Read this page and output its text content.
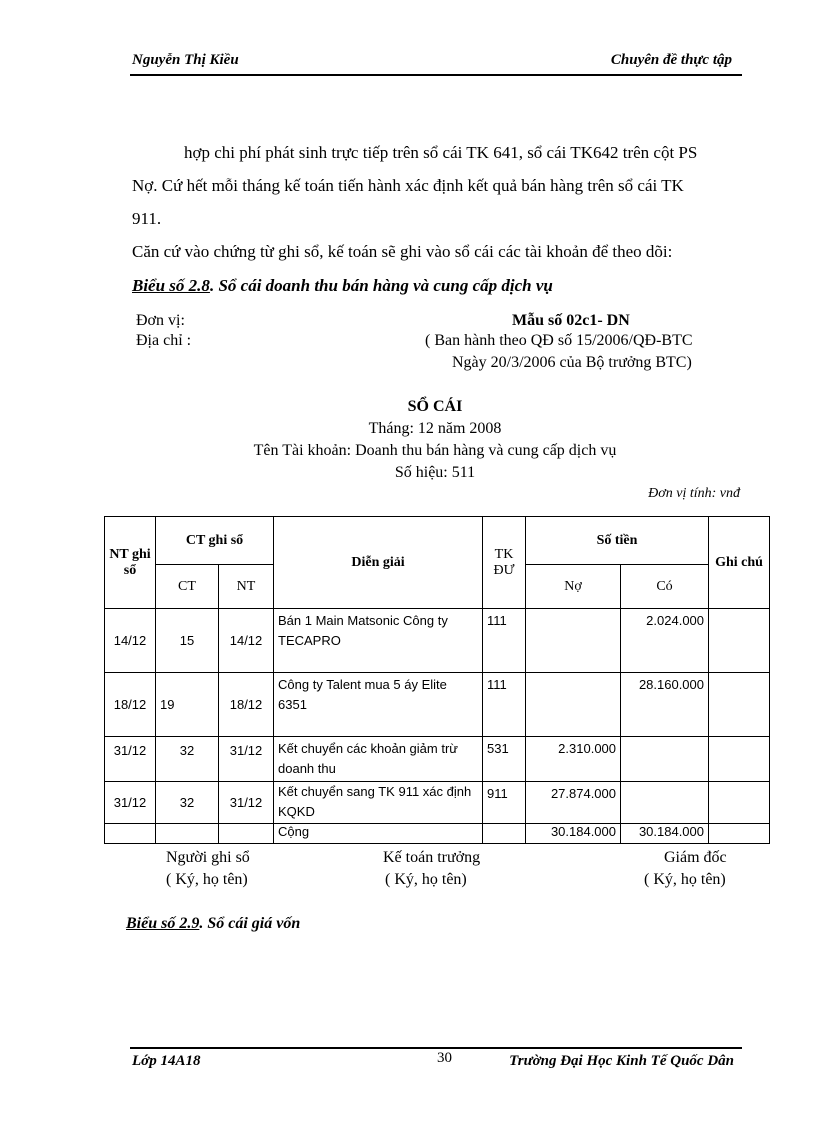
Nguyễn Thị Kiều	Chuyên đề thực tập
hợp chi phí phát sinh trực tiếp trên sổ cái TK 641, sổ cái TK642 trên cột PS
Nợ. Cứ hết mỗi tháng kế toán tiến hành xác định kết quả bán hàng trên sổ cái TK
911.
Căn cứ vào chứng từ ghi sổ, kế toán sẽ ghi vào sổ cái các tài khoản để theo dõi:
Biểu số 2.8. Sổ cái doanh thu bán hàng và cung cấp dịch vụ
Đơn vị:
Địa chỉ :
Mẫu số 02c1- DN
( Ban hành theo QĐ số 15/2006/QĐ-BTC
Ngày 20/3/2006 của Bộ trưởng BTC)
SỔ CÁI
Tháng: 12 năm 2008
Tên Tài khoản: Doanh thu bán hàng và cung cấp dịch vụ
Số hiệu: 511
Đơn vị tính: vnđ
NT ghi sổ	CT ghi sổ		Diễn giải	TK ĐƯ	Số tiền		Ghi chú
	CT	NT			Nợ	Có	
14/12	15	14/12	Bán 1 Main Matsonic Công ty TECAPRO	111		2.024.000	
18/12	19	18/12	Công ty Talent mua 5 áy Elite 6351	111		28.160.000	
31/12	32	31/12	Kết chuyển các khoản giảm trừ doanh thu	531	2.310.000		
31/12	32	31/12	Kết chuyển sang TK 911 xác định KQKD	911	27.874.000		
			Cộng		30.184.000	30.184.000	
Người ghi sổ
( Ký, họ tên)
Kế toán trưởng
( Ký, họ tên)
Giám đốc
( Ký, họ tên)
Biểu số 2.9. Sổ cái giá vốn
Lớp 14A18	30	Trường Đại Học Kinh Tế Quốc Dân
